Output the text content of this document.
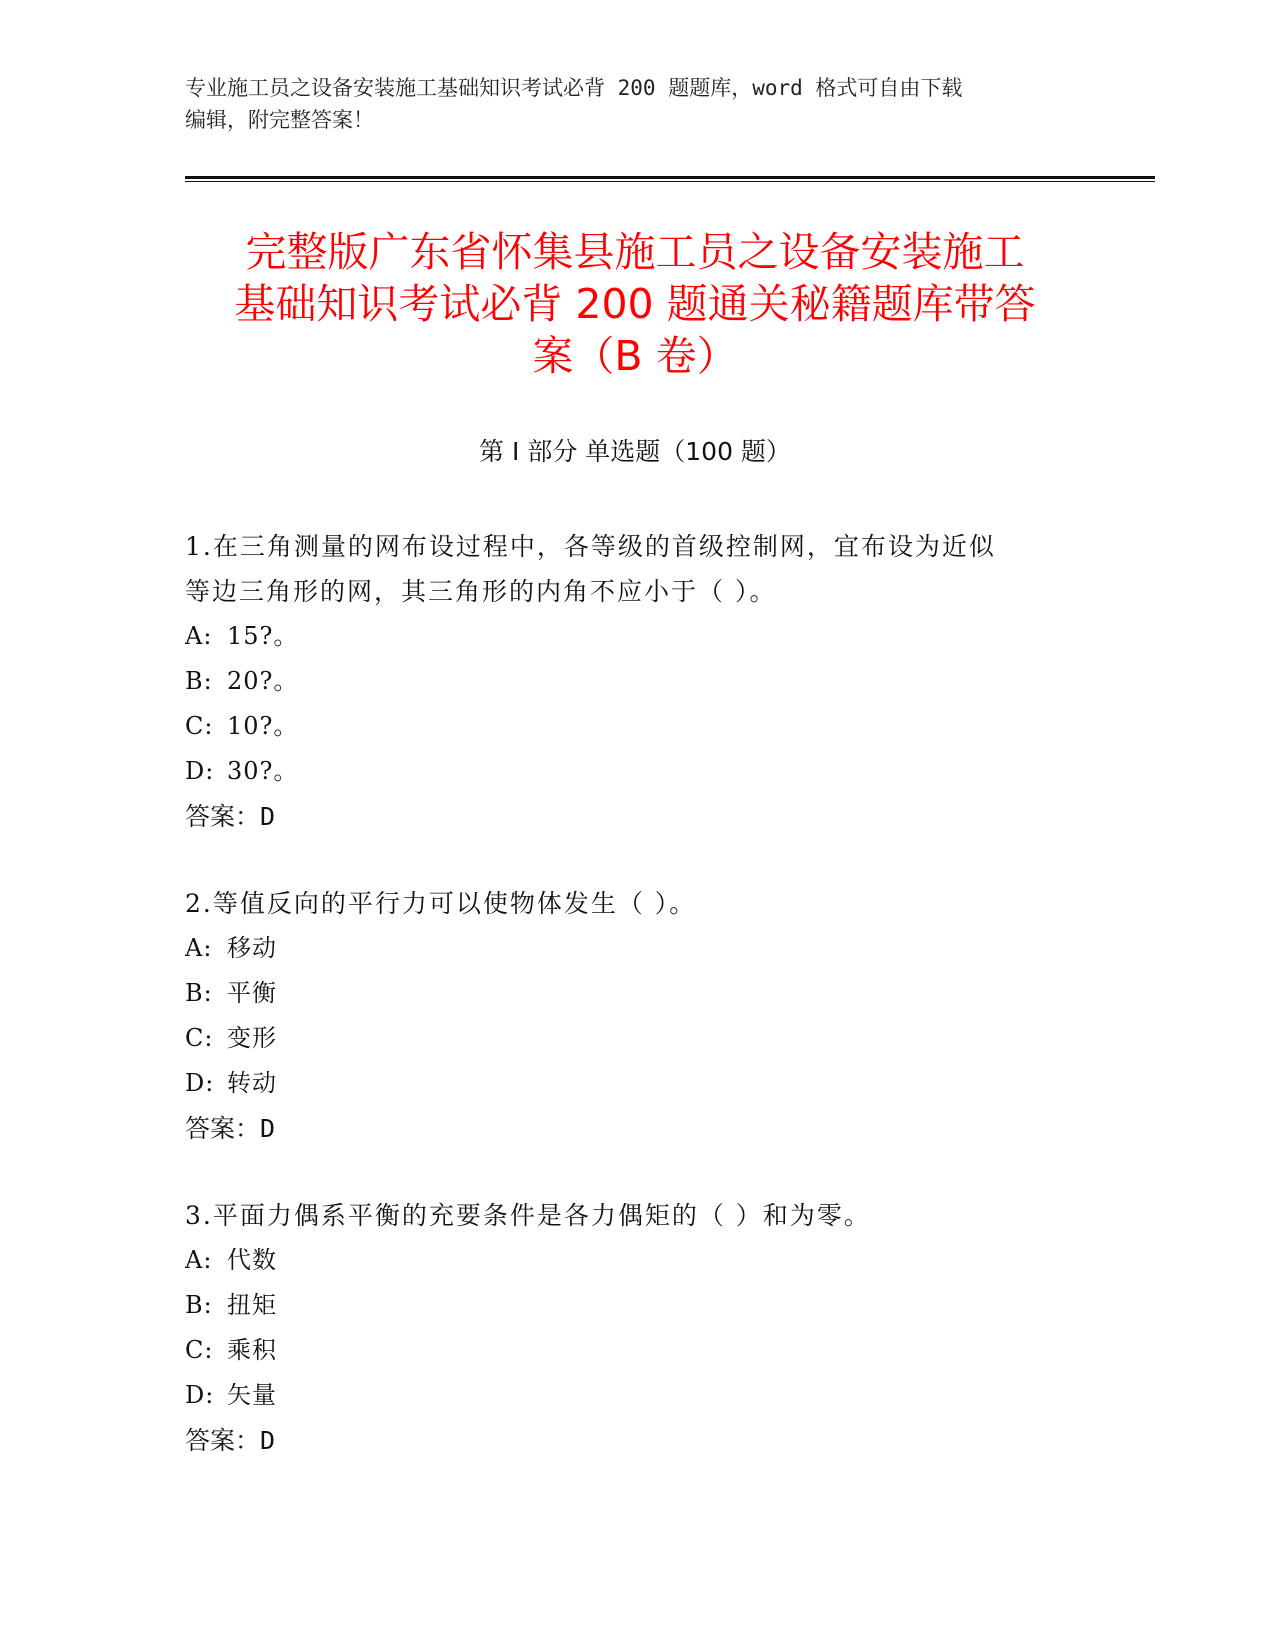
专业施工员之设备安装施工基础知识考试必背 200 题题库，word 格式可自由下载
编辑，附完整答案！
完整版广东省怀集县施工员之设备安装施工
基础知识考试必背 200 题通关秘籍题库带答
案（B 卷）
第 I 部分 单选题（100 题）

1.在三角测量的网布设过程中，各等级的首级控制网，宜布设为近似
等边三角形的网，其三角形的内角不应小于（ ）。

A: 15?。
B: 20?。
C: 10?。
D: 30?。
答案：D

2.等值反向的平行力可以使物体发生（ ）。

A: 移动
B: 平衡
C: 变形
D: 转动
答案：D

3.平面力偶系平衡的充要条件是各力偶矩的（ ）和为零。

A: 代数
B: 扭矩
C: 乘积
D: 矢量
答案：D
